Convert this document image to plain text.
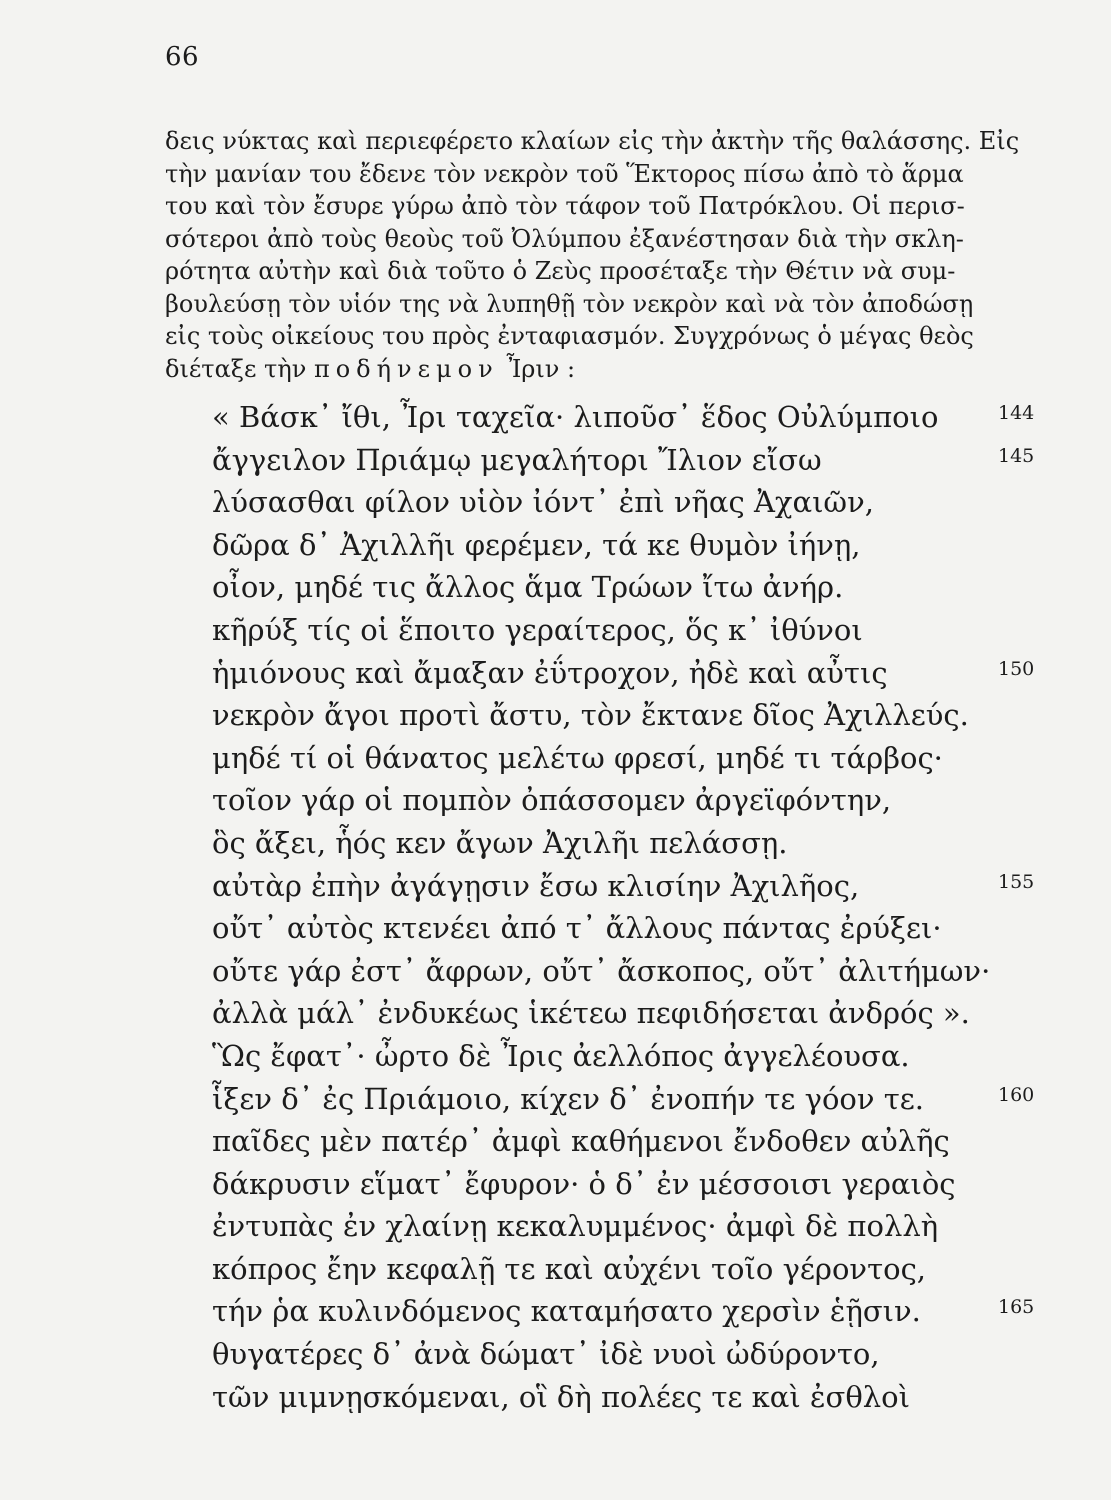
66
δεις νύκτας καὶ περιεφέρετο κλαίων εἰς τὴν ἀκτὴν τῆς θαλάσσης. Εἰς
τὴν μανίαν του ἔδενε τὸν νεκρὸν τοῦ Ἕκτορος πίσω ἀπὸ τὸ ἅρμα
του καὶ τὸν ἔσυρε γύρω ἀπὸ τὸν τάφον τοῦ Πατρόκλου. Οἱ περισ-
σότεροι ἀπὸ τοὺς θεοὺς τοῦ Ὀλύμπου ἐξανέστησαν διὰ τὴν σκλη-
ρότητα αὐτὴν καὶ διὰ τοῦτο ὁ Ζεὺς προσέταξε τὴν Θέτιν νὰ συμ-
βουλεύσῃ τὸν υἱόν της νὰ λυπηθῇ τὸν νεκρὸν καὶ νὰ τὸν ἀποδώσῃ
εἰς τοὺς οἰκείους του πρὸς ἐνταφιασμόν. Συγχρόνως ὁ μέγας θεὸς
διέταξε τὴν ποδήνεμον Ἶριν :
« Βάσκ᾽ ἴθι, Ἶρι ταχεῖα· λιποῦσ᾽ ἕδος Οὐλύμποιο	144
ἄγγειλον Πριάμῳ μεγαλήτορι Ἴλιον εἴσω	145
λύσασθαι φίλον υἱὸν ἰόντ᾽ ἐπὶ νῆας Ἀχαιῶν,
δῶρα δ᾽ Ἀχιλλῆι φερέμεν, τά κε θυμὸν ἰήνῃ,
οἶον, μηδέ τις ἄλλος ἅμα Τρώων ἴτω ἀνήρ.
κῆρύξ τίς οἱ ἕποιτο γεραίτερος, ὅς κ᾽ ἰθύνοι
ἡμιόνους καὶ ἄμαξαν ἐΰτροχον, ἠδὲ καὶ αὖτις	150
νεκρὸν ἄγοι προτὶ ἄστυ, τὸν ἔκτανε δῖος Ἀχιλλεύς.
μηδέ τί οἱ θάνατος μελέτω φρεσί, μηδέ τι τάρβος·
τοῖον γάρ οἱ πομπὸν ὀπάσσομεν ἀργεϊφόντην,
ὃς ἄξει, ἧός κεν ἄγων Ἀχιλῆι πελάσσῃ.
αὐτὰρ ἐπὴν ἀγάγῃσιν ἔσω κλισίην Ἀχιλῆος,	155
οὔτ᾽ αὐτὸς κτενέει ἀπό τ᾽ ἄλλους πάντας ἐρύξει·
οὔτε γάρ ἐστ᾽ ἄφρων, οὔτ᾽ ἄσκοπος, οὔτ᾽ ἀλιτήμων·
ἀλλὰ μάλ᾽ ἐνδυκέως ἱκέτεω πεφιδήσεται ἀνδρός ».
Ὣς ἔφατ᾽· ὦρτο δὲ Ἶρις ἀελλόπος ἀγγελέουσα.
ἷξεν δ᾽ ἐς Πριάμοιο, κίχεν δ᾽ ἐνοπήν τε γόον τε.	160
παῖδες μὲν πατέρ᾽ ἀμφὶ καθήμενοι ἔνδοθεν αὐλῆς
δάκρυσιν εἵματ᾽ ἔφυρον· ὁ δ᾽ ἐν μέσσοισι γεραιὸς
ἐντυπὰς ἐν χλαίνῃ κεκαλυμμένος· ἀμφὶ δὲ πολλὴ
κόπρος ἔην κεφαλῇ τε καὶ αὐχένι τοῖο γέροντος,
τήν ῥα κυλινδόμενος καταμήσατο χερσὶν ἑῇσιν.	165
θυγατέρες δ᾽ ἀνὰ δώματ᾽ ἰδὲ νυοὶ ὠδύροντο,
τῶν μιμνῃσκόμεναι, οἳ δὴ πολέες τε καὶ ἐσθλοὶ
